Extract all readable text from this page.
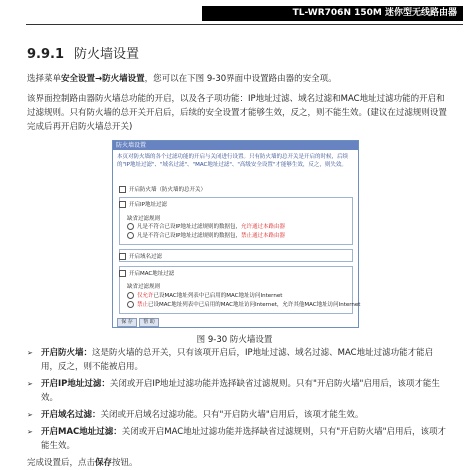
TL-WR706N 150M 迷你型无线路由器
9.9.1 防火墙设置
选择菜单安全设置→防火墙设置，您可以在下图 9-30界面中设置路由器的安全项。
该界面控制路由器防火墙总功能的开启，以及各子项功能：IP地址过滤、域名过滤和MAC地址过滤功能的开启和过滤规则。只有防火墙的总开关开启后，后续的安全设置才能够生效，反之，则不能生效。(建议在过滤规则设置完成后再开启防火墙总开关)
防火墙设置
本页对防火墙的各个过滤功能的开启与关闭进行设置。只有防火墙的总开关是开启的时候，后续的"IP地址过滤"、"域名过滤"、"MAC地址过滤"、"高级安全设置"才能够生效，反之，则失效。
开启防火墙（防火墙的总开关）
开启IP地址过滤
缺省过滤规则
凡是不符合已设IP地址过滤规则的数据包，允许通过本路由器
凡是不符合已设IP地址过滤规则的数据包，禁止通过本路由器
开启域名过滤
开启MAC地址过滤
缺省过滤规则
仅允许已设MAC地址列表中已启用的MAC地址访问Internet
禁止已设MAC地址列表中已启用的MAC地址访问Internet，允许其他MAC地址访问Internet
保 存	帮 助
图 9-30 防火墙设置
➢ 开启防火墙：这是防火墙的总开关，只有该项开启后，IP地址过滤、域名过滤、MAC地址过滤功能才能启用，反之，则不能被启用。
➢ 开启IP地址过滤：关闭或开启IP地址过滤功能并选择缺省过滤规则。只有"开启防火墙"启用后，该项才能生效。
➢ 开启域名过滤：关闭或开启域名过滤功能。只有"开启防火墙"启用后，该项才能生效。
➢ 开启MAC地址过滤：关闭或开启MAC地址过滤功能并选择缺省过滤规则，只有"开启防火墙"启用后，该项才能生效。
完成设置后，点击保存按钮。
